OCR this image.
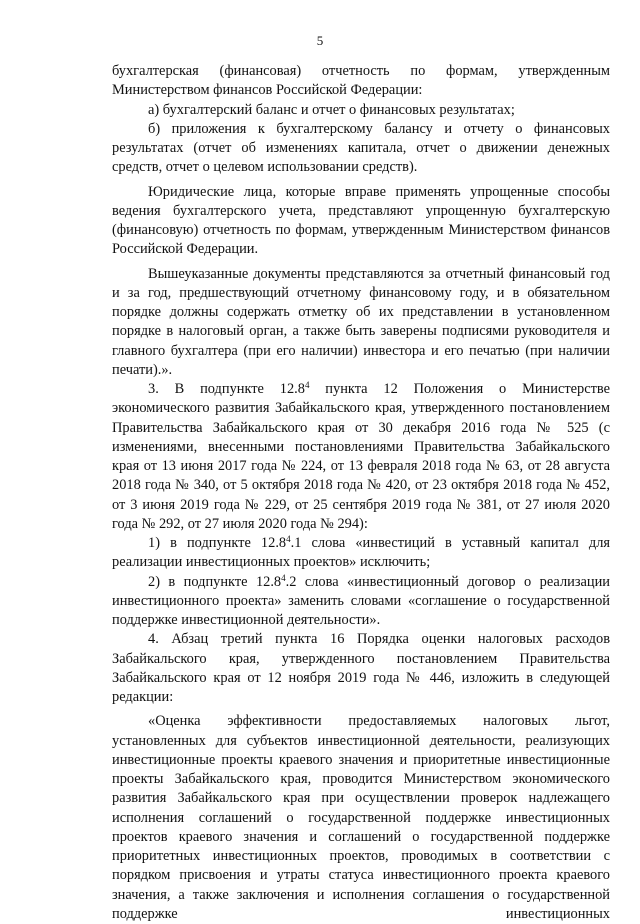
5

бухгалтерская (финансовая) отчетность по формам, утвержденным Министерством финансов Российской Федерации:

а) бухгалтерский баланс и отчет о финансовых результатах;

б) приложения к бухгалтерскому балансу и отчету о финансовых результатах (отчет об изменениях капитала, отчет о движении денежных средств, отчет о целевом использовании средств).

Юридические лица, которые вправе применять упрощенные способы ведения бухгалтерского учета, представляют упрощенную бухгалтерскую (финансовую) отчетность по формам, утвержденным Министерством финансов Российской Федерации.

Вышеуказанные документы представляются за отчетный финансовый год и за год, предшествующий отчетному финансовому году, и в обязательном порядке должны содержать отметку об их представлении в установленном порядке в налоговый орган, а также быть заверены подписями руководителя и главного бухгалтера (при его наличии) инвестора и его печатью (при наличии печати).».

3. В подпункте 12.8$^4$ пункта 12 Положения о Министерстве экономического развития Забайкальского края, утвержденного постановлением Правительства Забайкальского края от 30 декабря 2016 года № 525 (с изменениями, внесенными постановлениями Правительства Забайкальского края от 13 июня 2017 года № 224, от 13 февраля 2018 года № 63, от 28 августа 2018 года № 340, от 5 октября 2018 года № 420, от 23 октября 2018 года № 452, от 3 июня 2019 года № 229, от 25 сентября 2019 года № 381, от 27 июля 2020 года № 292, от 27 июля 2020 года № 294):

1) в подпункте 12.8$^4$.1 слова «инвестиций в уставный капитал для реализации инвестиционных проектов» исключить;

2) в подпункте 12.8$^4$.2 слова «инвестиционный договор о реализации инвестиционного проекта» заменить словами «соглашение о государственной поддержке инвестиционной деятельности».

4. Абзац третий пункта 16 Порядка оценки налоговых расходов Забайкальского края, утвержденного постановлением Правительства Забайкальского края от 12 ноября 2019 года № 446, изложить в следующей редакции:

«Оценка эффективности предоставляемых налоговых льгот, установленных для субъектов инвестиционной деятельности, реализующих инвестиционные проекты краевого значения и приоритетные инвестиционные проекты Забайкальского края, проводится Министерством экономического развития Забайкальского края при осуществлении проверок надлежащего исполнения соглашений о государственной поддержке инвестиционных проектов краевого значения и соглашений о государственной поддержке приоритетных инвестиционных проектов, проводимых в соответствии с порядком присвоения и утраты статуса инвестиционного проекта краевого значения, а также заключения и исполнения соглашения о государственной поддержке инвестиционных
